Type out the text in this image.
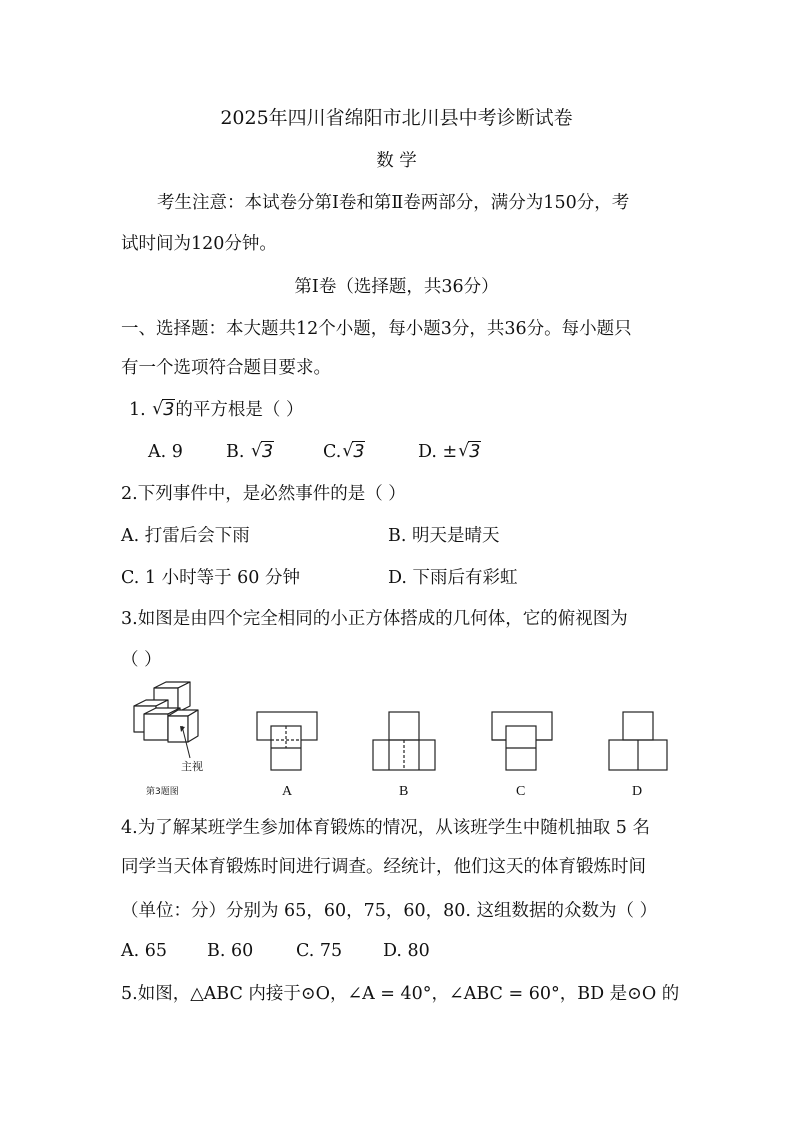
2025年四川省绵阳市北川县中考诊断试卷
数 学
考生注意：本试卷分第Ⅰ卷和第Ⅱ卷两部分，满分为150分，考
试时间为120分钟。
第Ⅰ卷（选择题，共36分）
一、选择题：本大题共12个小题，每小题3分，共36分。每小题只
有一个选项符合题目要求。
1. √ 3的平方根是（ ）
A. 9 B. √ 3	C. √ 3	D. ± √ 3
2.下列事件中，是必然事件的是（ ）
A. 打雷后会下雨	B. 明天是晴天
C. 1 小时等于 60 分钟	D. 下雨后有彩虹
3.如图是由四个完全相同的小正方体搭成的几何体，它的俯视图为
（ ）
主视
第3题图	A	B	C	D
4.为了解某班学生参加体育锻炼的情况，从该班学生中随机抽取 5 名
同学当天体育锻炼时间进行调查。经统计，他们这天的体育锻炼时间
（单位：分）分别为 65，60，75，60，80. 这组数据的众数为（ ）
A. 65 B. 60 C. 75 D. 80
5.如图，△ABC 内接于⊙O，∠A = 40°，∠ABC = 60°，BD 是⊙O 的
